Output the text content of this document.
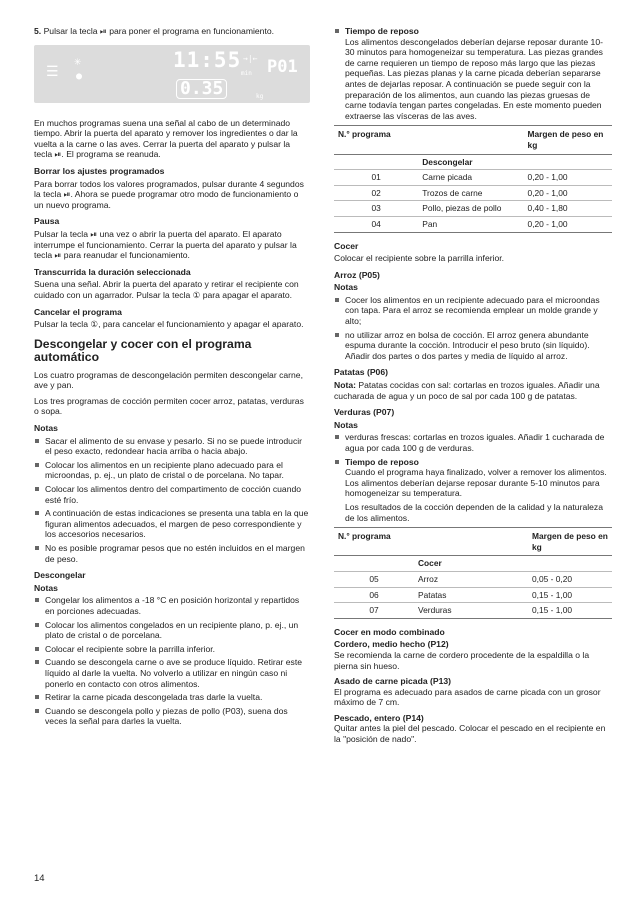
5. Pulsar la tecla ⏯ para poner el programa en funcionamiento.

☰
✳
●
11:55
min
→|← P01
0.35	kg

En muchos programas suena una señal al cabo de un determinado tiempo. Abrir la puerta del aparato y remover los ingredientes o dar la vuelta a la carne o las aves. Cerrar la puerta del aparato y pulsar la tecla ⏯. El programa se reanuda.

Borrar los ajustes programados

Para borrar todos los valores programados, pulsar durante 4 segundos la tecla ⏯. Ahora se puede programar otro modo de funcionamiento o un nuevo programa.

Pausa

Pulsar la tecla ⏯ una vez o abrir la puerta del aparato. El aparato interrumpe el funcionamiento. Cerrar la puerta del aparato y pulsar la tecla ⏯ para reanudar el funcionamiento.

Transcurrida la duración seleccionada

Suena una señal. Abrir la puerta del aparato y retirar el recipiente con cuidado con un agarrador. Pulsar la tecla ① para apagar el aparato.

Cancelar el programa

Pulsar la tecla ①, para cancelar el funcionamiento y apagar el aparato.

Descongelar y cocer con el programa automático

Los cuatro programas de descongelación permiten descongelar carne, ave y pan.

Los tres programas de cocción permiten cocer arroz, patatas, verduras o sopa.

Notas
Sacar el alimento de su envase y pesarlo. Si no se puede introducir el peso exacto, redondear hacia arriba o hacia abajo.
Colocar los alimentos en un recipiente plano adecuado para el microondas, p. ej., un plato de cristal o de porcelana. No tapar.
Colocar los alimentos dentro del compartimento de cocción cuando esté frío.
A continuación de estas indicaciones se presenta una tabla en la que figuran alimentos adecuados, el margen de peso correspondiente y los accesorios necesarios.
No es posible programar pesos que no estén incluidos en el margen de peso.
Descongelar
Notas
Congelar los alimentos a -18 °C en posición horizontal y repartidos en porciones adecuadas.
Colocar los alimentos congelados en un recipiente plano, p. ej., un plato de cristal o de porcelana.
Colocar el recipiente sobre la parrilla inferior.
Cuando se descongela carne o ave se produce líquido. Retirar este líquido al darle la vuelta. No volverlo a utilizar en ningún caso ni ponerlo en contacto con otros alimentos.
Retirar la carne picada descongelada tras darle la vuelta.
Cuando se descongela pollo y piezas de pollo (P03), suena dos veces la señal para darles la vuelta.
Tiempo de reposo
Los alimentos descongelados deberían dejarse reposar durante 10-30 minutos para homogeneizar su temperatura. Las piezas grandes de carne requieren un tiempo de reposo más largo que las piezas pequeñas. Las piezas planas y la carne picada deberían separarse antes de dejarlas reposar. A continuación se puede seguir con la preparación de los alimentos, aun cuando las piezas gruesas de carne todavía tengan partes congeladas. En este momento pueden extraerse las vísceras de las aves.
N.° programa		Margen de peso en kg
	Descongelar	
01	Carne picada	0,20 - 1,00
02	Trozos de carne	0,20 - 1,00
03	Pollo, piezas de pollo	0,40 - 1,80
04	Pan	0,20 - 1,00
Cocer

Colocar el recipiente sobre la parrilla inferior.

Arroz (P05)
Notas
Cocer los alimentos en un recipiente adecuado para el microondas con tapa. Para el arroz se recomienda emplear un molde grande y alto;
no utilizar arroz en bolsa de cocción. El arroz genera abundante espuma durante la cocción. Introducir el peso bruto (sin líquido). Añadir dos partes o dos partes y media de líquido al arroz.
Patatas (P06)

Nota: Patatas cocidas con sal: cortarlas en trozos iguales. Añadir una cucharada de agua y un poco de sal por cada 100 g de patatas.

Verduras (P07)
Notas
verduras frescas: cortarlas en trozos iguales. Añadir 1 cucharada de agua por cada 100 g de verduras.
Tiempo de reposo
Cuando el programa haya finalizado, volver a remover los alimentos. Los alimentos deberían dejarse reposar durante 5-10 minutos para homogeneizar su temperatura.
Los resultados de la cocción dependen de la calidad y la naturaleza de los alimentos.
N.° programa		Margen de peso en kg
	Cocer	
05	Arroz	0,05 - 0,20
06	Patatas	0,15 - 1,00
07	Verduras	0,15 - 1,00
Cocer en modo combinado
Cordero, medio hecho (P12)

Se recomienda la carne de cordero procedente de la espaldilla o la pierna sin hueso.

Asado de carne picada (P13)

El programa es adecuado para asados de carne picada con un grosor máximo de 7 cm.

Pescado, entero (P14)

Quitar antes la piel del pescado. Colocar el pescado en el recipiente en la "posición de nado".

14
